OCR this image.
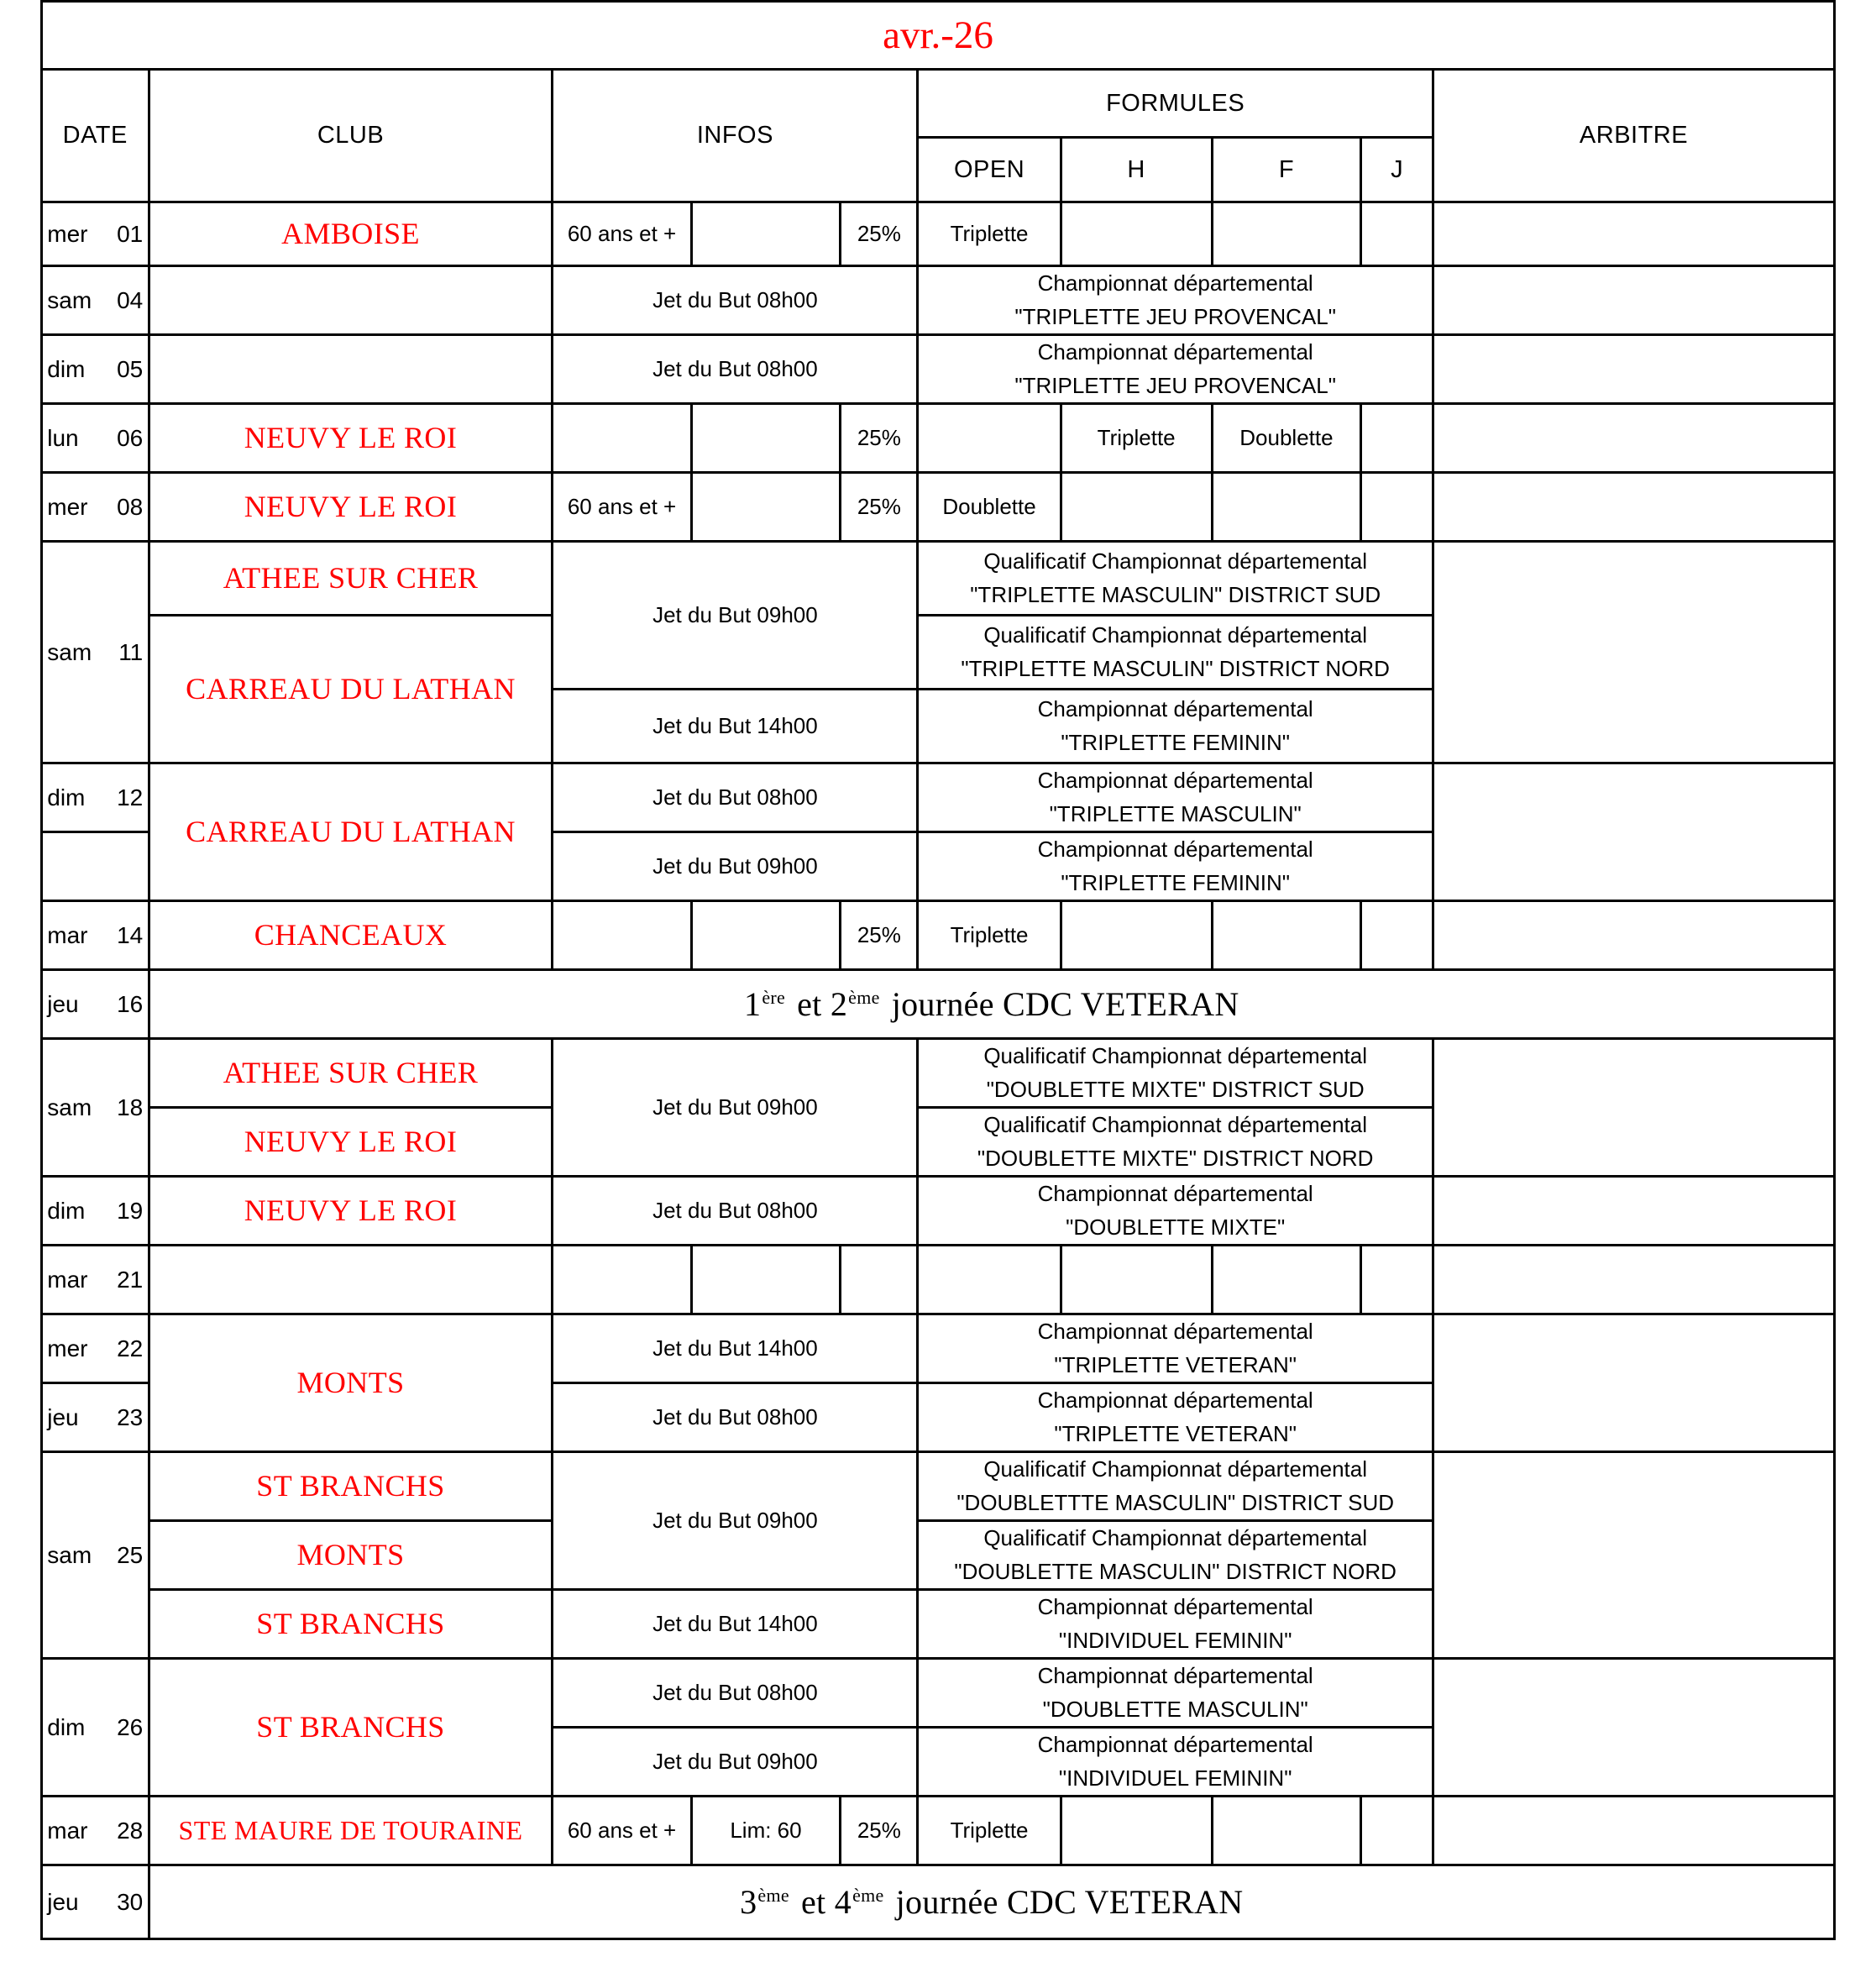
avr.-26									
DATE	CLUB	INFOS			FORMULES				ARBITRE
					OPEN	H	F	J	
mer 01	AMBOISE	60 ans et +		25%	Triplette				
sam 04		Jet du But 08h00			Championnat départemental
"TRIPLETTE JEU PROVENCAL"				

dim 05		Jet du But 08h00			Championnat départemental
"TRIPLETTE JEU PROVENCAL"				

lun 06	NEUVY LE ROI			25%		Triplette	Doublette		
mer 08	NEUVY LE ROI	60 ans et +		25%	Doublette				
sam 11	ATHEE SUR CHER	Jet du But 09h00			Qualificatif Championnat départemental
"TRIPLETTE MASCULIN" DISTRICT SUD				

	CARREAU DU LATHAN				Qualificatif Championnat départemental
"TRIPLETTE MASCULIN" DISTRICT NORD				

		Jet du But 14h00			Championnat départemental
"TRIPLETTE FEMININ"				

dim 12	CARREAU DU LATHAN	Jet du But 08h00			Championnat départemental
"TRIPLETTE MASCULIN"				

		Jet du But 09h00			Championnat départemental
"TRIPLETTE FEMININ"				

mar 14	CHANCEAUX			25%	Triplette				
jeu 16	1ère et 2ème journée CDC VETERAN								
sam 18	ATHEE SUR CHER	Jet du But 09h00			Qualificatif Championnat départemental
"DOUBLETTE MIXTE" DISTRICT SUD				

	NEUVY LE ROI				Qualificatif Championnat départemental
"DOUBLETTE MIXTE" DISTRICT NORD				

dim 19	NEUVY LE ROI	Jet du But 08h00			Championnat départemental
"DOUBLETTE MIXTE"				

mar 21									
mer 22	MONTS	Jet du But 14h00			Championnat départemental
"TRIPLETTE VETERAN"				

jeu 23		Jet du But 08h00			Championnat départemental
"TRIPLETTE VETERAN"				

sam 25	ST BRANCHS	Jet du But 09h00			Qualificatif Championnat départemental
"DOUBLETTTE MASCULIN" DISTRICT SUD				

	MONTS				Qualificatif Championnat départemental
"DOUBLETTE MASCULIN" DISTRICT NORD				

	ST BRANCHS	Jet du But 14h00			Championnat départemental
"INDIVIDUEL FEMININ"				

dim 26	ST BRANCHS	Jet du But 08h00			Championnat départemental
"DOUBLETTE MASCULIN"				

		Jet du But 09h00			Championnat départemental
"INDIVIDUEL FEMININ"				

mar 28	STE MAURE DE TOURAINE	60 ans et +	Lim: 60	25%	Triplette				
jeu 30	3ème et 4ème journée CDC VETERAN								
